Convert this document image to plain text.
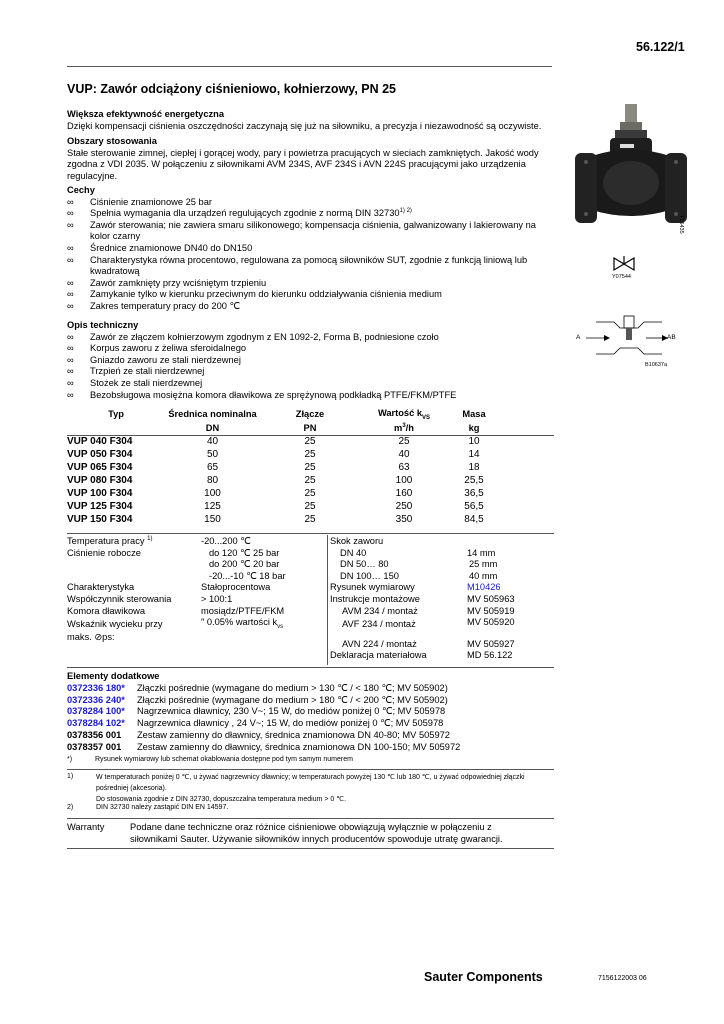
56.122/1
VUP: Zawór odciążony ciśnieniowo, kołnierzowy, PN 25
Większa efektywność energetyczna
Dzięki kompensacji ciśnienia oszczędności zaczynają się już na siłowniku, a precyzja i niezawodność są oczywiste.
Obszary stosowania
Stałe sterowanie zimnej, ciepłej i gorącej wody, pary i powietrza pracujących w sieciach zamkniętych. Jakość wody zgodna z VDI 2035. W połączeniu z siłownikami AVM 234S, AVF 234S i AVN 224S pracującymi jako urządzenia regulacyjne.
Cechy
∞ Ciśnienie znamionowe 25 bar
∞ Spełnia wymagania dla urządzeń regulujących zgodnie z normą DIN $32730^{1) 2)}$
∞ Zawór sterowania; nie zawiera smaru silikonowego; kompensacja ciśnienia, galwanizowany i lakierowany na kolor czarny
∞ Średnice znamionowe DN40 do DN150
∞ Charakterystyka równa procentowo, regulowana za pomocą siłowników SUT, zgodnie z funkcją liniową lub kwadratową
∞ Zawór zamknięty przy wciśniętym trzpieniu
∞ Zamykanie tylko w kierunku przeciwnym do kierunku oddziaływania ciśnienia medium
∞ Zakres temperatury pracy do 200 ℃
Opis techniczny
∞ Zawór ze złączem kołnierzowym zgodnym z EN 1092-2, Forma B, podniesione czoło
∞ Korpus zaworu z żeliwa sferoidalnego
∞ Gniazdo zaworu ze stali nierdzewnej
∞ Trzpień ze stali nierdzewnej
∞ Stożek ze stali nierdzewnej
∞ Bezobsługowa mosiężna komora dławikowa ze sprężynową podkładką PTFE/FKM/PTFE
Typ	Średnica nominalna	Złącze	Wartość $k_{VS}$	Masa	
	DN	PN	$m^3/h$	kg	
VUP 040 F304	40	25	25	10	
VUP 050 F304	50	25	40	14	
VUP 065 F304	65	25	63	18	
VUP 080 F304	80	25	100	25,5	
VUP 100 F304	100	25	160	36,5	
VUP 125 F304	125	25	250	56,5	
VUP 150 F304	150	25	350	84,5	
Temperatura pracy $^{1)}$	-20...200 ℃
Ciśnienie robocze	do 120 ℃ 25 bar
	do 200 ℃ 20 bar
	-20...-10 ℃ 18 bar
Charakterystyka	Stałoprocentowa
Współczynnik sterowania	> 100:1
Komora dławikowa	mosiądz/PTFE/FKM
Wskaźnik wycieku przy	″ 0.05% wartości $k_{vs}$
maks. ⊘ps:	
Skok zaworu	
DN 40	14 mm
DN 50… 80	25 mm
DN 100… 150	40 mm
Rysunek wymiarowy	M10426
Instrukcje montażowe	MV 505963
AVM 234 / montaż	MV 505919
AVF 234 / montaż	MV 505920
AVN 224 / montaż	MV 505927
Deklaracja materiałowa	MD 56.122
Elementy dodatkowe
0372336 180*	Złączki pośrednie (wymagane do medium > 130 ℃ / < 180 ℃; MV 505902)
0372336 240*	Złączki pośrednie (wymagane do medium > 180 ℃ / < 200 ℃; MV 505902)
0378284 100*	Nagrzewnica dławnicy, 230 V~; 15 W, do mediów poniżej 0 ℃; MV 505978
0378284 102*	Nagrzewnica dławnicy , 24 V~; 15 W, do mediów poniżej 0 ℃; MV 505978
0378356 001	Zestaw zamienny do dławnicy, średnica znamionowa DN 40-80; MV 505972
0378357 001	Zestaw zamienny do dławnicy, średnica znamionowa DN 100-150; MV 505972
*)	Rysunek wymiarowy lub schemat okablowania dostępne pod tym samym numerem
1)	W temperaturach poniżej 0 ℃, u żywać nagrzewnicy dławnicy; w temperaturach powyżej 130 ℃ lub 180 ℃, u żywać odpowiedniej złączki pośredniej (akcesoria).
Do stosowania zgodnie z DIN 32730, dopuszczalna temperatura medium > 0 ℃.
2)	DIN 32730 należy zastąpić DIN EN 14597.
Warranty	Podane dane techniczne oraz różnice ciśnieniowe obowiązują wyłącznie w połączeniu z siłownikami Sauter. Używanie siłowników innych producentów spowoduje utratę gwarancji.
T15435
Y07544
A	AB
B10637a
Sauter Components	7156122003 06
